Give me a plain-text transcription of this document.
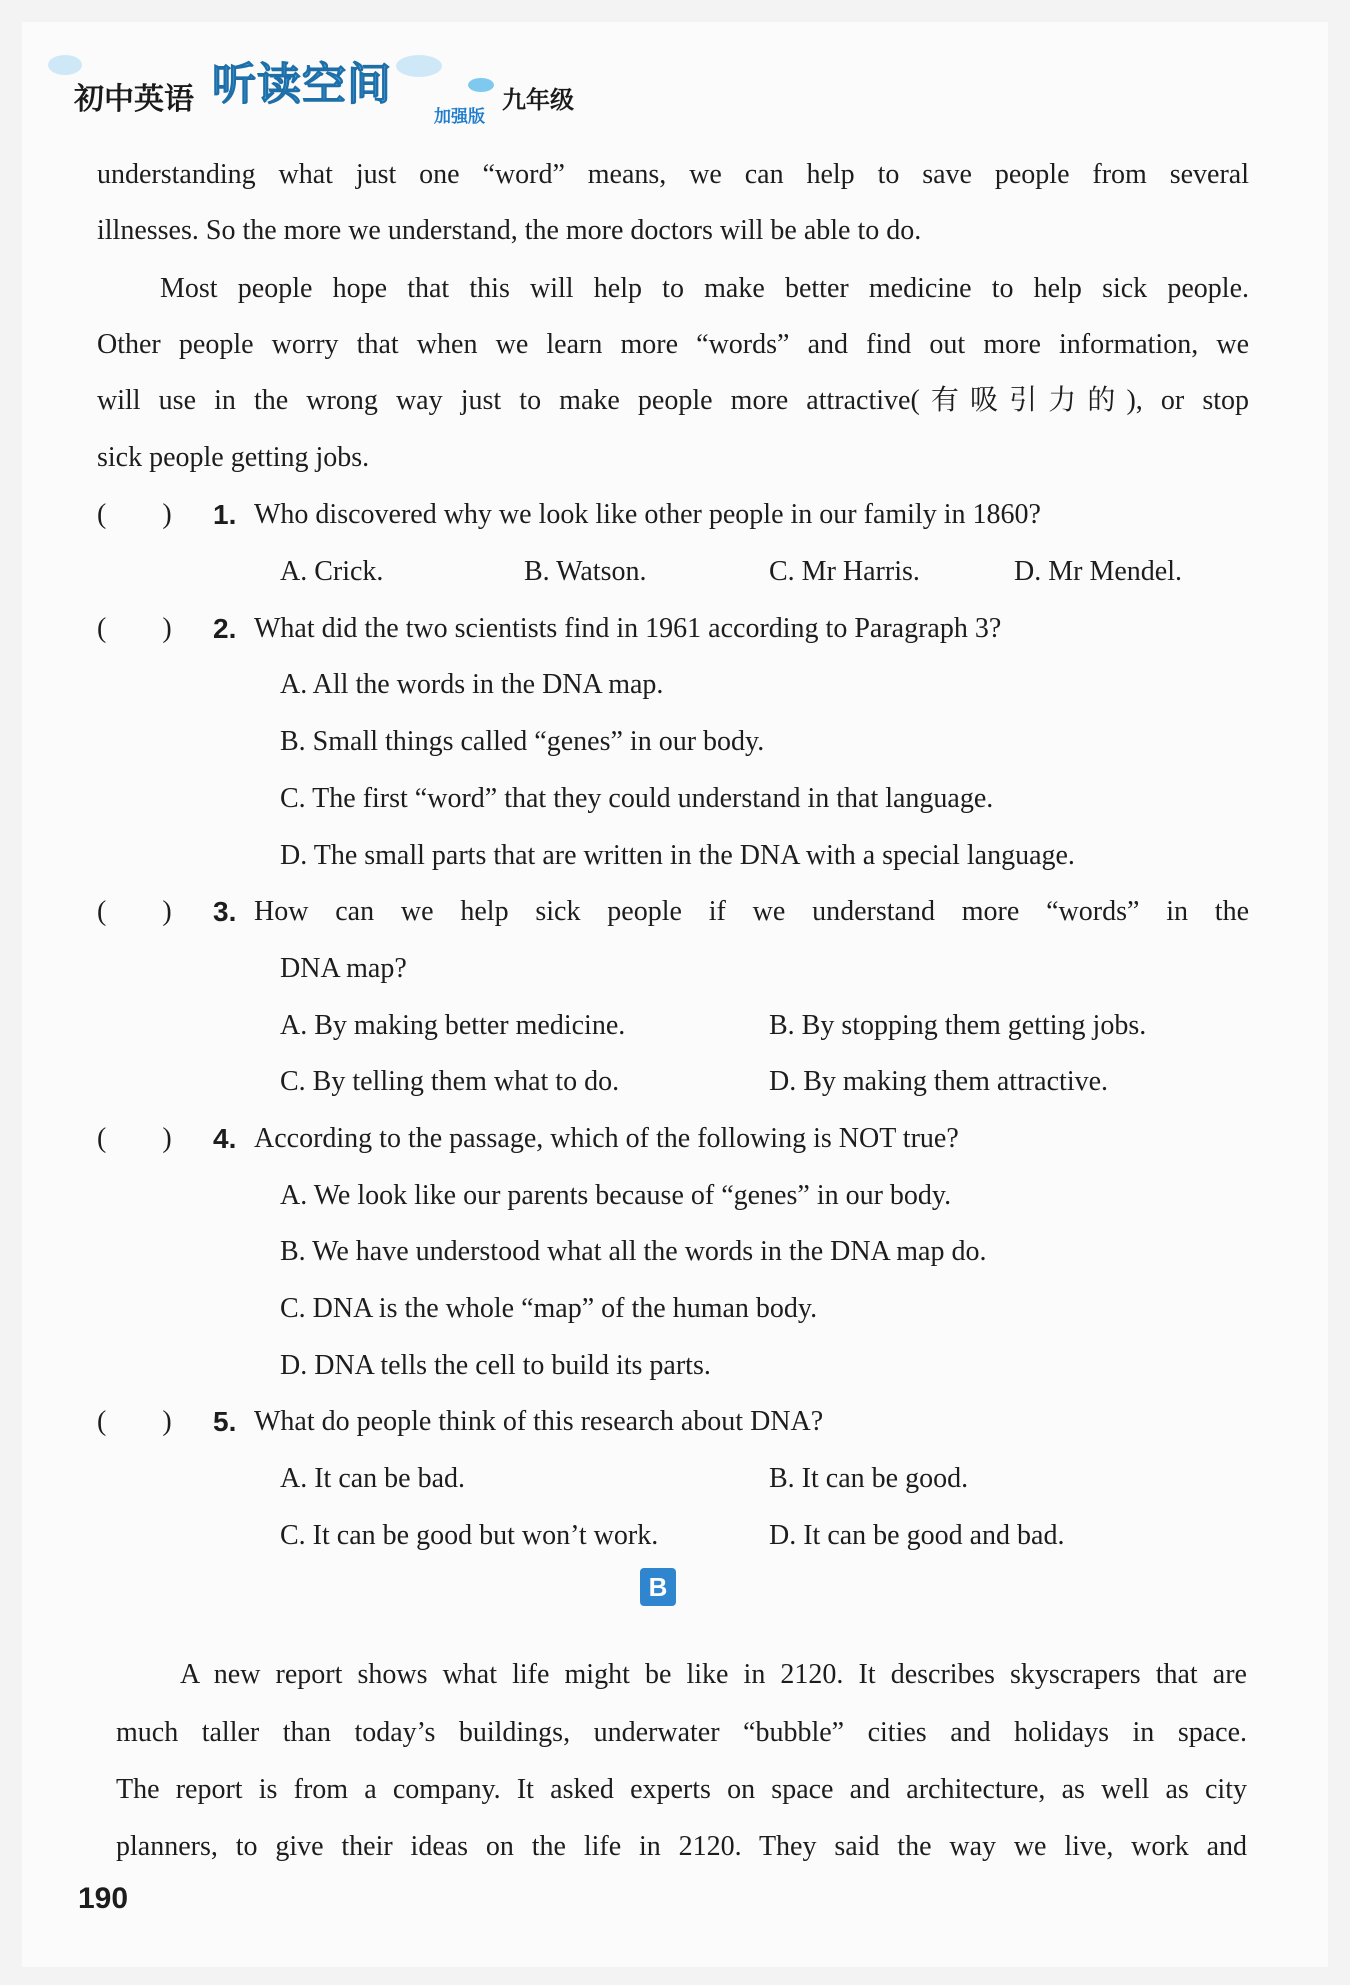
初中英语 听读空间
加强版
九年级
understanding what just one “word” means, we can help to save people from several
illnesses. So the more we understand, the more doctors will be able to do.
Most people hope that this will help to make better medicine to help sick people.
Other people worry that when we learn more “words” and find out more information, we
will use in the wrong way just to make people more attractive(有吸引力的), or stop
sick people getting jobs.
(        )	1. Who discovered why we look like other people in our family in 1860?
A. Crick.	B. Watson.	C. Mr Harris.	D. Mr Mendel.
(        )	2. What did the two scientists find in 1961 according to Paragraph 3?
A. All the words in the DNA map.
B. Small things called “genes” in our body.
C. The first “word” that they could understand in that language.
D. The small parts that are written in the DNA with a special language.
(        )	3. How can we help sick people if we understand more “words” in the
DNA map?
A. By making better medicine.	B. By stopping them getting jobs.
C. By telling them what to do.	D. By making them attractive.
(        )	4. According to the passage, which of the following is NOT true?
A. We look like our parents because of “genes” in our body.
B. We have understood what all the words in the DNA map do.
C. DNA is the whole “map” of the human body.
D. DNA tells the cell to build its parts.
(        )	5. What do people think of this research about DNA?
A. It can be bad.	B. It can be good.
C. It can be good but won’t work.	D. It can be good and bad.
B
A new report shows what life might be like in 2120. It describes skyscrapers that are
much taller than today’s buildings, underwater “bubble” cities and holidays in space.
The report is from a company. It asked experts on space and architecture, as well as city
planners, to give their ideas on the life in 2120. They said the way we live, work and
190
